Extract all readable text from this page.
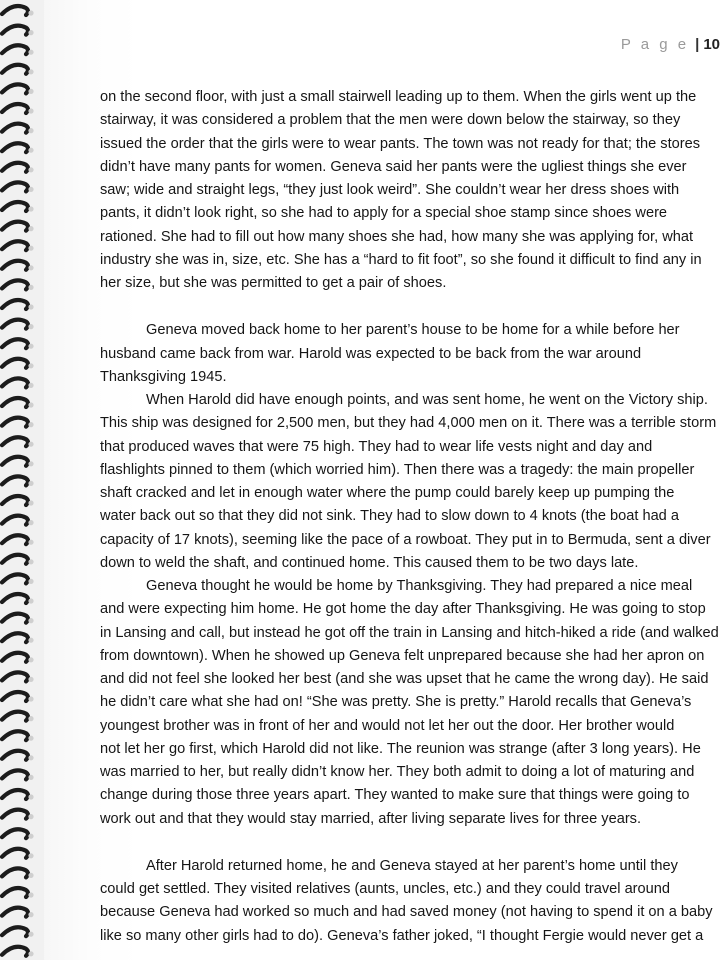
P a g e | 10
on the second floor, with just a small stairwell leading up to them. When the girls went up the
stairway, it was considered a problem that the men were down below the stairway, so they
issued the order that the girls were to wear pants. The town was not ready for that; the stores
didn’t have many pants for women. Geneva said her pants were the ugliest things she ever
saw; wide and straight legs, “they just look weird”. She couldn’t wear her dress shoes with
pants, it didn’t look right, so she had to apply for a special shoe stamp since shoes were
rationed. She had to fill out how many shoes she had, how many she was applying for, what
industry she was in, size, etc. She has a “hard to fit foot”, so she found it difficult to find any in
her size, but she was permitted to get a pair of shoes.
Geneva moved back home to her parent’s house to be home for a while before her
husband came back from war. Harold was expected to be back from the war around
Thanksgiving 1945.
When Harold did have enough points, and was sent home, he went on the Victory ship.
This ship was designed for 2,500 men, but they had 4,000 men on it. There was a terrible storm
that produced waves that were 75 high. They had to wear life vests night and day and
flashlights pinned to them (which worried him). Then there was a tragedy: the main propeller
shaft cracked and let in enough water where the pump could barely keep up pumping the
water back out so that they did not sink. They had to slow down to 4 knots (the boat had a
capacity of 17 knots), seeming like the pace of a rowboat. They put in to Bermuda, sent a diver
down to weld the shaft, and continued home. This caused them to be two days late.
Geneva thought he would be home by Thanksgiving. They had prepared a nice meal
and were expecting him home. He got home the day after Thanksgiving. He was going to stop
in Lansing and call, but instead he got off the train in Lansing and hitch-hiked a ride (and walked
from downtown). When he showed up Geneva felt unprepared because she had her apron on
and did not feel she looked her best (and she was upset that he came the wrong day). He said
he didn’t care what she had on! “She was pretty. She is pretty.” Harold recalls that Geneva’s
youngest brother was in front of her and would not let her out the door. Her brother would
not let her go first, which Harold did not like. The reunion was strange (after 3 long years). He
was married to her, but really didn’t know her. They both admit to doing a lot of maturing and
change during those three years apart. They wanted to make sure that things were going to
work out and that they would stay married, after living separate lives for three years.
After Harold returned home, he and Geneva stayed at her parent’s home until they
could get settled. They visited relatives (aunts, uncles, etc.) and they could travel around
because Geneva had worked so much and had saved money (not having to spend it on a baby
like so many other girls had to do). Geneva’s father joked, “I thought Fergie would never get a
